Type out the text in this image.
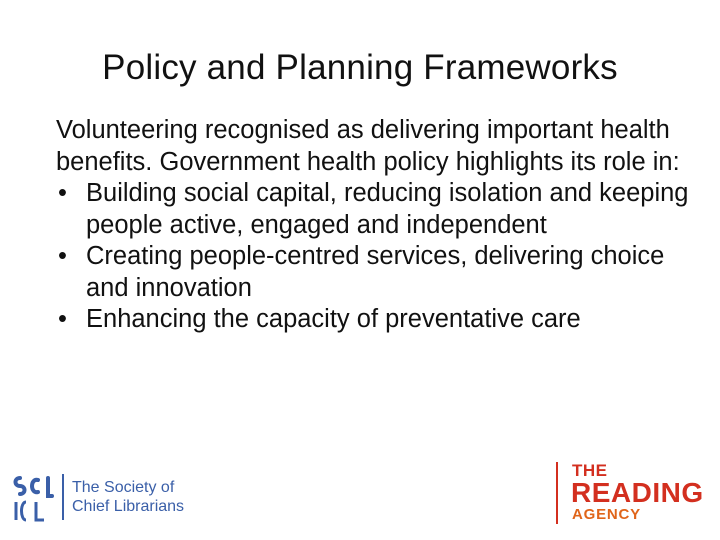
Policy and Planning Frameworks

Volunteering recognised as delivering important health benefits. Government health policy highlights its role in:

• Building social capital, reducing isolation and keeping people active, engaged and independent
• Creating people-centred services, delivering choice and innovation
• Enhancing the capacity of preventative care
The Society of
Chief Librarians
THE
READING
AGENCY
